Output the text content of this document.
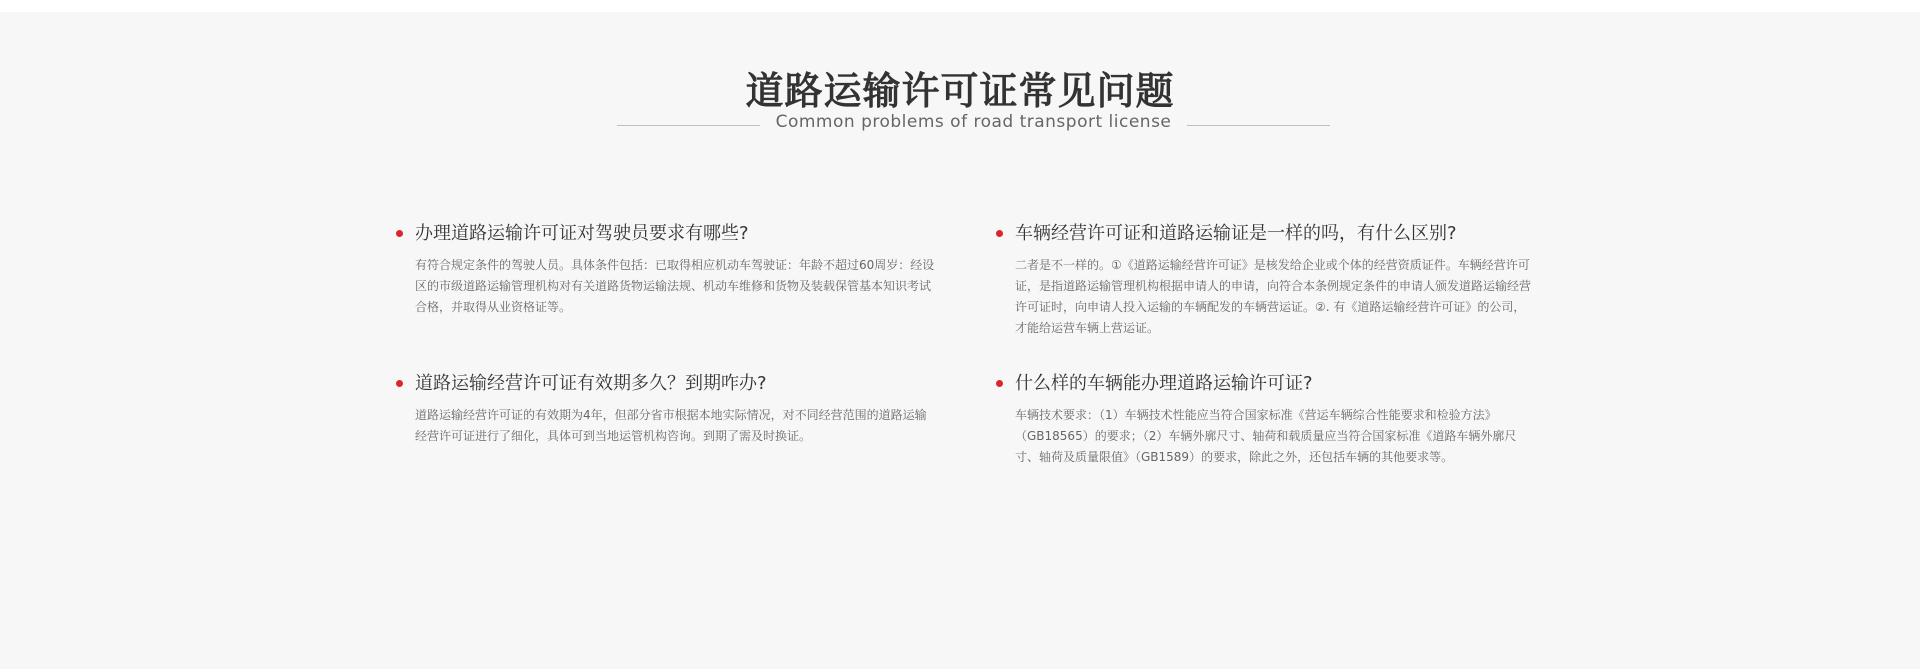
道路运输许可证常见问题
Common problems of road transport license
办理道路运输许可证对驾驶员要求有哪些?

有符合规定条件的驾驶人员。具体条件包括：已取得相应机动车驾驶证：年龄不超过60周岁：经设区的市级道路运输管理机构对有关道路货物运输法规、机动车维修和货物及装载保管基本知识考试合格，并取得从业资格证等。

车辆经营许可证和道路运输证是一样的吗，有什么区别?

二者是不一样的。①《道路运输经营许可证》是核发给企业或个体的经营资质证件。车辆经营许可证，是指道路运输管理机构根据申请人的申请，向符合本条例规定条件的申请人颁发道路运输经营许可证时，向申请人投入运输的车辆配发的车辆营运证。②. 有《道路运输经营许可证》的公司，才能给运营车辆上营运证。

道路运输经营许可证有效期多久？到期咋办?

道路运输经营许可证的有效期为4年，但部分省市根据本地实际情况，对不同经营范围的道路运输经营许可证进行了细化，具体可到当地运管机构咨询。到期了需及时换证。

什么样的车辆能办理道路运输许可证?

车辆技术要求：（1）车辆技术性能应当符合国家标准《营运车辆综合性能要求和检验方法》（GB18565）的要求；（2）车辆外廓尺寸、轴荷和载质量应当符合国家标准《道路车辆外廓尺寸、轴荷及质量限值》（GB1589）的要求，除此之外，还包括车辆的其他要求等。
